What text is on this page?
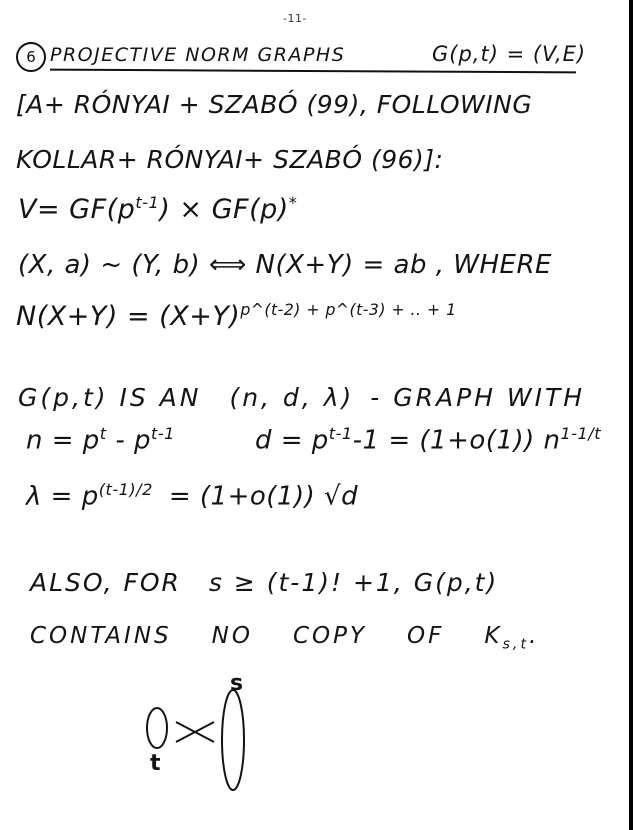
-11-
6 PROJECTIVE NORM GRAPHS	G(p,t) = (V,E)
[A+ RÓNYAI + SZABÓ (99), FOLLOWING
KOLLAR+ RÓNYAI+ SZABÓ (96)]:
$V= GF(p^{t-1}) \times GF(p)^*$
(X, a) ~ (Y, b) ⟺ N(X+Y) = ab , WHERE
$N(X+Y) = (X+Y)^{p\^{}(t-2) + p\^{}(t-3) + .. + 1}$
G(p,t) IS AN (n, d, λ) - GRAPH WITH
$n = p^t - p^{t-1}$	$d = p^{t-1}-1 = (1+o(1))$ $n^{1-1/t}$
$\lambda = p^{(t-1)/2} = (1+o(1))$ √d
ALSO, FOR s ≥ (t-1)! +1, G(p,t)
CONTAINS NO COPY OF $K_{s,t}$.
s
t
